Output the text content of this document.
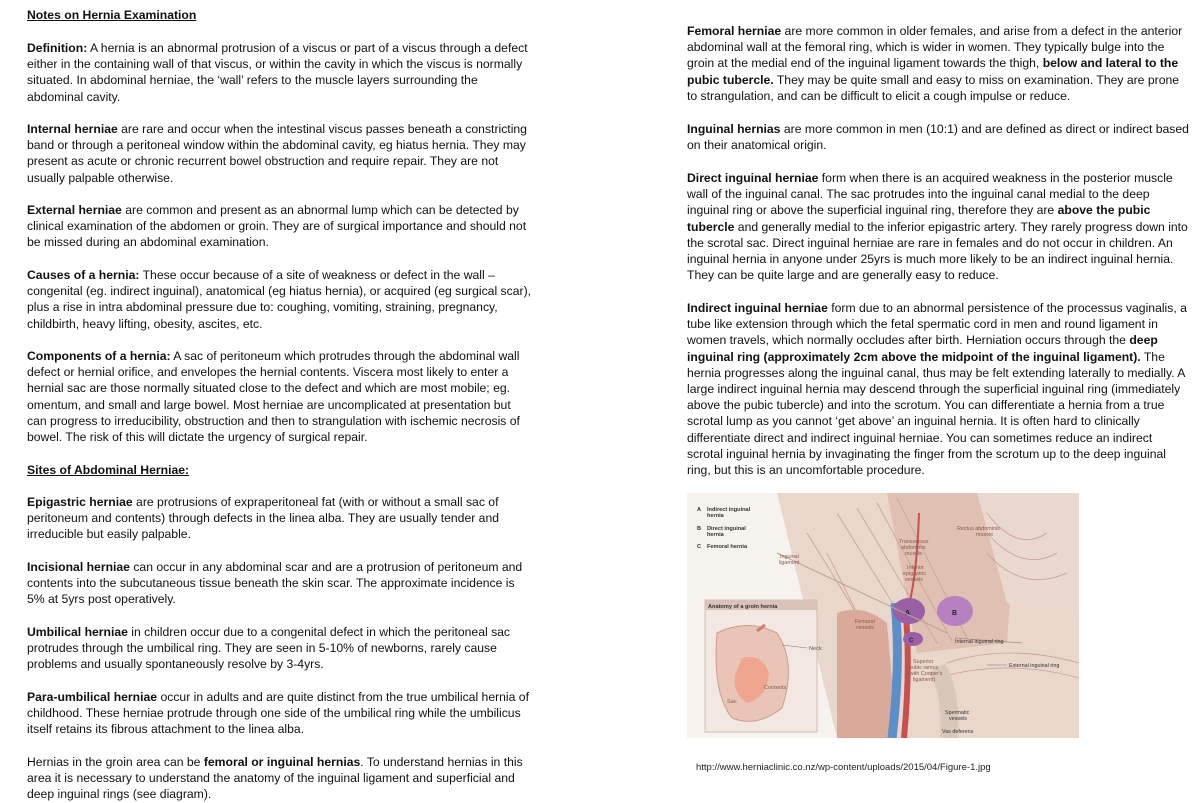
Notes on Hernia Examination

Definition: A hernia is an abnormal protrusion of a viscus or part of a viscus through a defect either in the containing wall of that viscus, or within the cavity in which the viscus is normally situated. In abdominal herniae, the ‘wall’ refers to the muscle layers surrounding the abdominal cavity.

Internal herniae are rare and occur when the intestinal viscus passes beneath a constricting band or through a peritoneal window within the abdominal cavity, eg hiatus hernia. They may present as acute or chronic recurrent bowel obstruction and require repair. They are not usually palpable otherwise.

External herniae are common and present as an abnormal lump which can be detected by clinical examination of the abdomen or groin. They are of surgical importance and should not be missed during an abdominal examination.

Causes of a hernia: These occur because of a site of weakness or defect in the wall – congenital (eg. indirect inguinal), anatomical (eg hiatus hernia), or acquired (eg surgical scar), plus a rise in intra abdominal pressure due to: coughing, vomiting, straining, pregnancy, childbirth, heavy lifting, obesity, ascites, etc.

Components of a hernia: A sac of peritoneum which protrudes through the abdominal wall defect or hernial orifice, and envelopes the hernial contents. Viscera most likely to enter a hernial sac are those normally situated close to the defect and which are most mobile; eg. omentum, and small and large bowel. Most herniae are uncomplicated at presentation but can progress to irreducibility, obstruction and then to strangulation with ischemic necrosis of bowel. The risk of this will dictate the urgency of surgical repair.

Sites of Abdominal Herniae:

Epigastric herniae are protrusions of expraperitoneal fat (with or without a small sac of peritoneum and contents) through defects in the linea alba. They are usually tender and irreducible but easily palpable.

Incisional herniae can occur in any abdominal scar and are a protrusion of peritoneum and contents into the subcutaneous tissue beneath the skin scar. The approximate incidence is 5% at 5yrs post operatively.

Umbilical herniae in children occur due to a congenital defect in which the peritoneal sac protrudes through the umbilical ring. They are seen in 5-10% of newborns, rarely cause problems and usually spontaneously resolve by 3-4yrs.

Para-umbilical herniae occur in adults and are quite distinct from the true umbilical hernia of childhood. These herniae protrude through one side of the umbilical ring while the umbilicus itself retains its fibrous attachment to the linea alba.

Hernias in the groin area can be femoral or inguinal hernias. To understand hernias in this area it is necessary to understand the anatomy of the inguinal ligament and superficial and deep inguinal rings (see diagram).

Femoral herniae are more common in older females, and arise from a defect in the anterior abdominal wall at the femoral ring, which is wider in women. They typically bulge into the groin at the medial end of the inguinal ligament towards the thigh, below and lateral to the pubic tubercle. They may be quite small and easy to miss on examination. They are prone to strangulation, and can be difficult to elicit a cough impulse or reduce.

Inguinal hernias are more common in men (10:1) and are defined as direct or indirect based on their anatomical origin.

Direct inguinal herniae form when there is an acquired weakness in the posterior muscle wall of the inguinal canal. The sac protrudes into the inguinal canal medial to the deep inguinal ring or above the superficial inguinal ring, therefore they are above the pubic tubercle and generally medial to the inferior epigastric artery. They rarely progress down into the scrotal sac. Direct inguinal herniae are rare in females and do not occur in children. An inguinal hernia in anyone under 25yrs is much more likely to be an indirect inguinal hernia. They can be quite large and are generally easy to reduce.

Indirect inguinal herniae form due to an abnormal persistence of the processus vaginalis, a tube like extension through which the fetal spermatic cord in men and round ligament in women travels, which normally occludes after birth. Herniation occurs through the deep inguinal ring (approximately 2cm above the midpoint of the inguinal ligament). The hernia progresses along the inguinal canal, thus may be felt extending laterally to medially. A large indirect inguinal hernia may descend through the superficial inguinal ring (immediately above the pubic tubercle) and into the scrotum. You can differentiate a hernia from a true scrotal lump as you cannot ‘get above’ an inguinal hernia. It is often hard to clinically differentiate direct and indirect inguinal herniae. You can sometimes reduce an indirect scrotal inguinal hernia by invaginating the finger from the scrotum up to the deep inguinal ring, but this is an uncomfortable procedure.

A	B
C
A Indirect inguinal
hernia
B Direct inguinal
hernia
C Femoral hernia
Inguinal
ligament
Transversus
abdominis
muscle
Rectus abdominis
muscle
Inferior
epigastric
vessels
Femoral
vessels
Internal inguinal ring
External inguinal ring
Superior
pubic ramus
(with Cooper's
ligament)
Spermatic
vessels
Vas deferens
Anatomy of a groin hernia
Neck
Contents
Sac

http://www.herniaclinic.co.nz/wp-content/uploads/2015/04/Figure-1.jpg
